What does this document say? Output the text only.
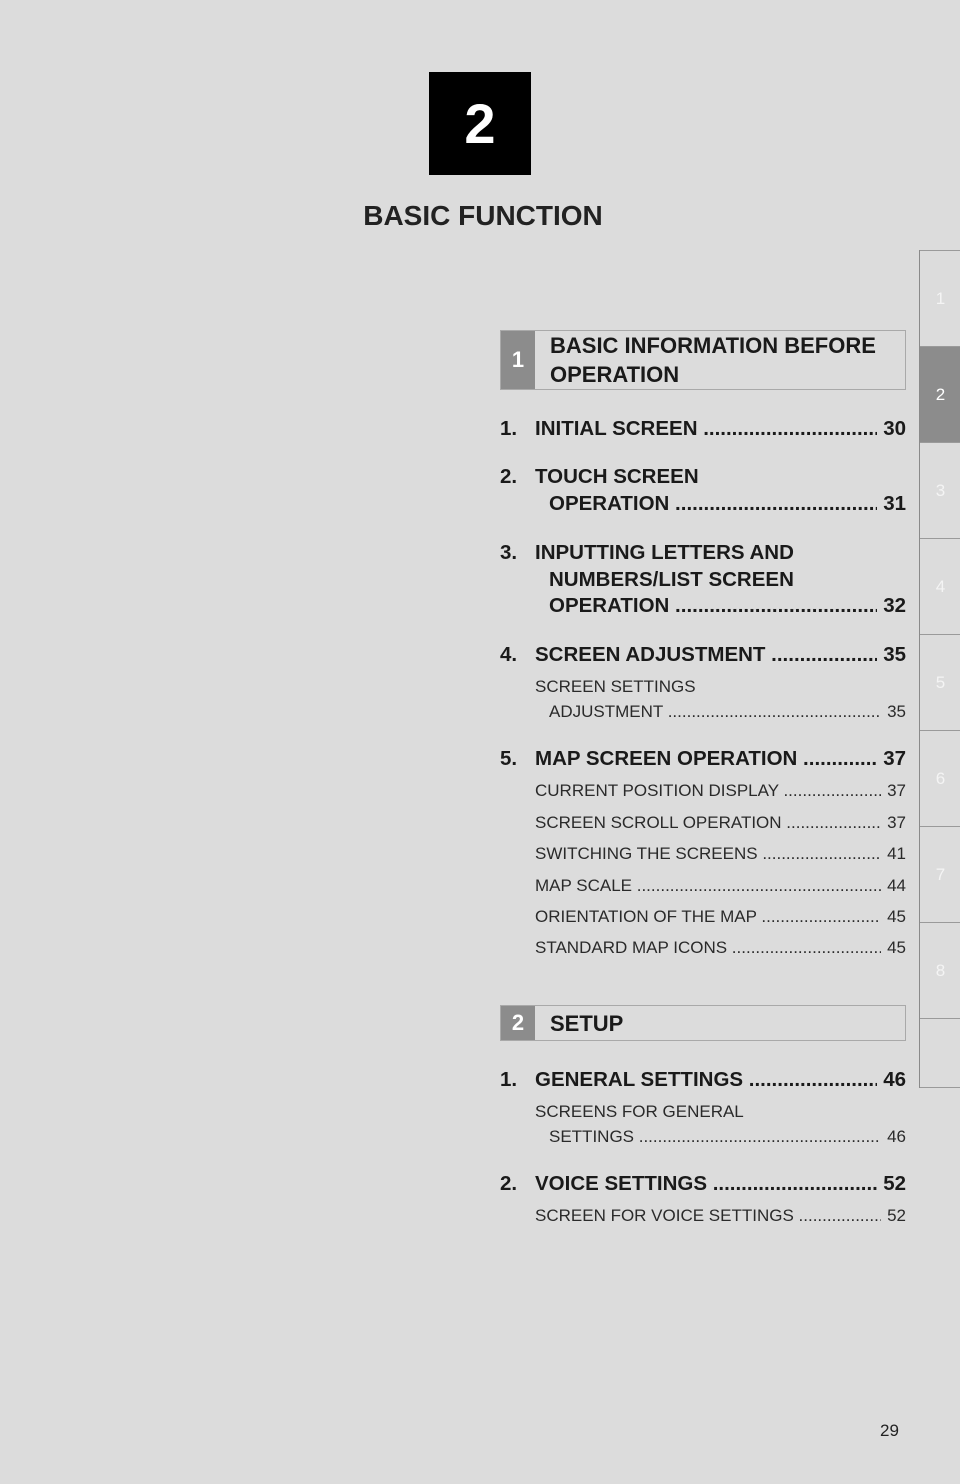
2
BASIC FUNCTION
1
2
3
4
5
6
7
8
1
BASIC INFORMATION BEFORE
OPERATION
1. INITIAL SCREEN .....	30
2. TOUCH SCREEN
OPERATION .....	31
3. INPUTTING LETTERS AND
NUMBERS/LIST SCREEN
OPERATION .....	32
4. SCREEN ADJUSTMENT .....	35
SCREEN SETTINGS
ADJUSTMENT .....	35
5. MAP SCREEN OPERATION .....	37
CURRENT POSITION DISPLAY .....	37
SCREEN SCROLL OPERATION .....	37
SWITCHING THE SCREENS .....	41
MAP SCALE .....	44
ORIENTATION OF THE MAP .....	45
STANDARD MAP ICONS .....	45
2	SETUP
1. GENERAL SETTINGS .....	46
SCREENS FOR GENERAL
SETTINGS .....	46
2. VOICE SETTINGS .....	52
SCREEN FOR VOICE SETTINGS .....	52
29
